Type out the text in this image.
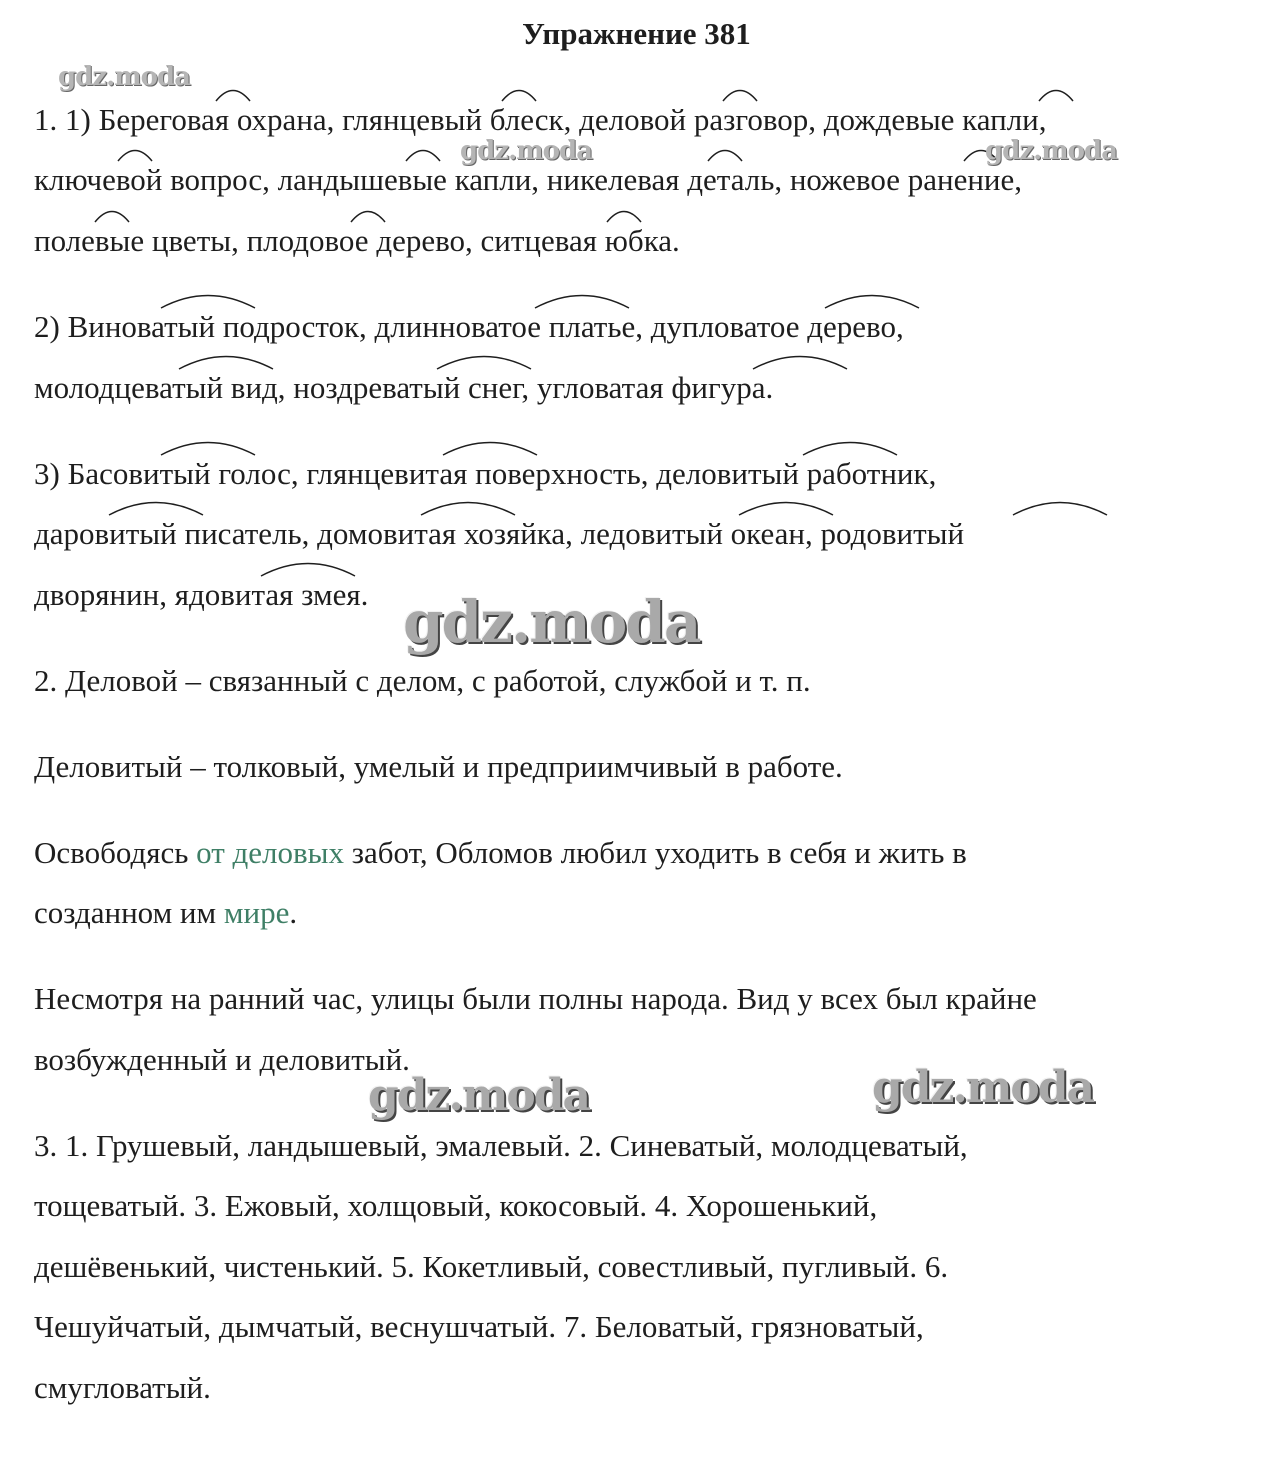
Упражнение 381
1. 1) Береговая охрана, глянцевый блеск, деловой разговор, дождевые капли,
ключевой вопрос, ландышевые капли, никелевая деталь, ножевое ранение,
полевые цветы, плодовое дерево, ситцевая юбка.
2) Виноватый подросток, длинноватое платье, дупловатое дерево,
молодцеватый вид, ноздреватый снег, угловатая фигура.
3) Басовитый голос, глянцевитая поверхность, деловитый работник,
даровитый писатель, домовитая хозяйка, ледовитый океан, родовитый
дворянин, ядовитая змея.
2. Деловой – связанный с делом, с работой, службой и т. п.
Деловитый – толковый, умелый и предприимчивый в работе.
Освободясь от деловых забот, Обломов любил уходить в себя и жить в
созданном им мире.
Несмотря на ранний час, улицы были полны народа. Вид у всех был крайне
возбужденный и деловитый.
3. 1. Грушевый, ландышевый, эмалевый. 2. Синеватый, молодцеватый,
тощеватый. 3. Ежовый, холщовый, кокосовый. 4. Хорошенький,
дешёвенький, чистенький. 5. Кокетливый, совестливый, пугливый. 6.
Чешуйчатый, дымчатый, веснушчатый. 7. Беловатый, грязноватый,
смугловатый.
gdz.moda
gdz.moda	gdz.moda
gdz.moda
gdz.moda	gdz.moda
